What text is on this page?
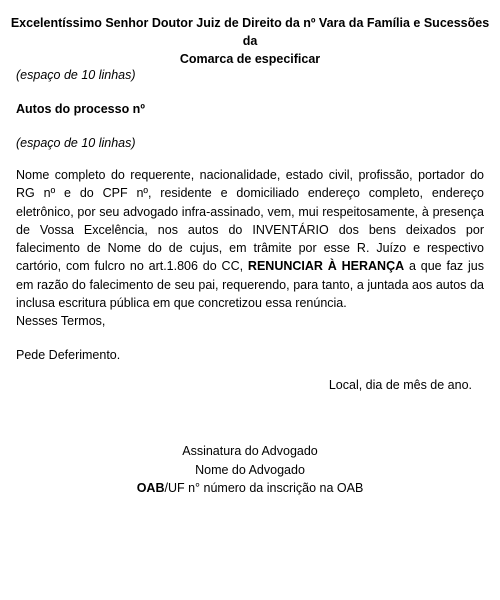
Excelentíssimo Senhor Doutor Juiz de Direito da nº Vara da Família e Sucessões da
Comarca de especificar
(espaço de 10 linhas)
Autos do processo nº
(espaço de 10 linhas)
Nome completo do requerente, nacionalidade, estado civil, profissão, portador do RG nº e do CPF nº, residente e domiciliado endereço completo, endereço eletrônico, por seu advogado infra-assinado, vem, mui respeitosamente, à presença de Vossa Excelência, nos autos do INVENTÁRIO dos bens deixados por falecimento de Nome do de cujus, em trâmite por esse R. Juízo e respectivo cartório, com fulcro no art.1.806 do CC, RENUNCIAR À HERANÇA a que faz jus em razão do falecimento de seu pai, requerendo, para tanto, a juntada aos autos da inclusa escritura pública em que concretizou essa renúncia.
Nesses Termos,
Pede Deferimento.
Local, dia de mês de ano.
Assinatura do Advogado
Nome do Advogado
OAB/UF n° número da inscrição na OAB
